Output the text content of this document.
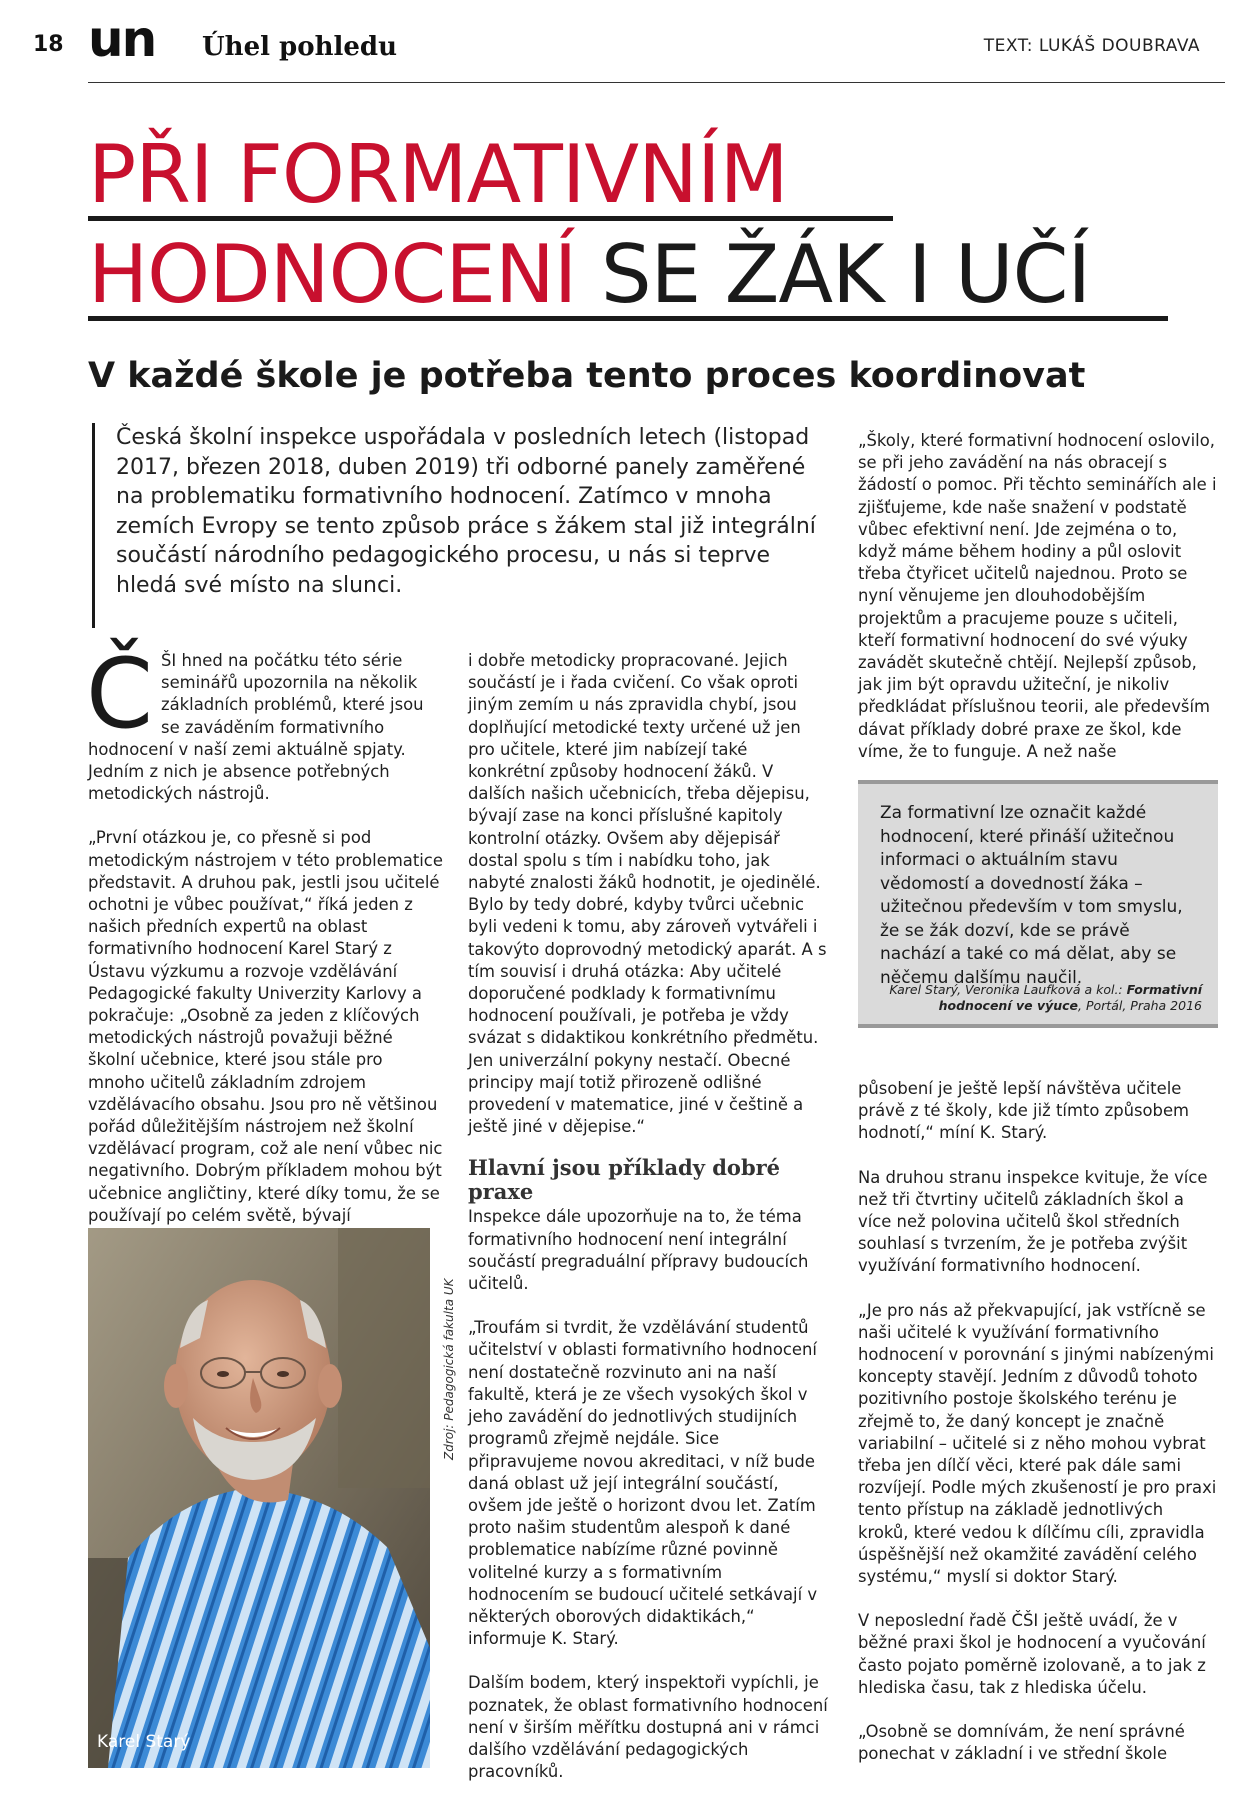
18 un Úhel pohledu	TEXT: LUKÁŠ DOUBRAVA
PŘI FORMATIVNÍM
HODNOCENÍ SE ŽÁK I UČÍ
V každé škole je potřeba tento proces koordinovat
Česká školní inspekce uspořádala v posledních letech (listopad 2017, březen 2018, duben 2019) tři odborné panely zaměřené na problematiku formativního hodnocení. Zatímco v mnoha zemích Evropy se tento způsob práce s žákem stal již integrální součástí národního pedagogického procesu, u nás si teprve hledá své místo na slunci.

ČŠI hned na počátku této série seminářů upozornila na několik základních problémů, které jsou se zaváděním formativního hodnocení v naší zemi aktuálně spjaty. Jedním z nich je absence potřebných metodických nástrojů.

„První otázkou je, co přesně si pod metodickým nástrojem v této problematice představit. A druhou pak, jestli jsou učitelé ochotni je vůbec používat,“ říká jeden z našich předních expertů na oblast formativního hodnocení Karel Starý z Ústavu výzkumu a rozvoje vzdělávání Pedagogické fakulty Univerzity Karlovy a pokračuje: „Osobně za jeden z klíčových metodických nástrojů považuji běžné školní učebnice, které jsou stále pro mnoho učitelů základním zdrojem vzdělávacího obsahu. Jsou pro ně většinou pořád důležitějším nástrojem než školní vzdělávací program, což ale není vůbec nic negativního. Dobrým příkladem mohou být učebnice angličtiny, které díky tomu, že se používají po celém světě, bývají

i dobře metodicky propracované. Jejich součástí je i řada cvičení. Co však oproti jiným zemím u nás zpravidla chybí, jsou doplňující metodické texty určené už jen pro učitele, které jim nabízejí také konkrétní způsoby hodnocení žáků. V dalších našich učebnicích, třeba dějepisu, bývají zase na konci příslušné kapitoly kontrolní otázky. Ovšem aby dějepisář dostal spolu s tím i nabídku toho, jak nabyté znalosti žáků hodnotit, je ojedinělé. Bylo by tedy dobré, kdyby tvůrci učebnic byli vedeni k tomu, aby zároveň vytvářeli i takovýto doprovodný metodický aparát. A s tím souvisí i druhá otázka: Aby učitelé doporučené podklady k formativnímu hodnocení používali, je potřeba je vždy svázat s didaktikou konkrétního předmětu. Jen univerzální pokyny nestačí. Obecné principy mají totiž přirozeně odlišné provedení v matematice, jiné v češtině a ještě jiné v dějepise.“

Hlavní jsou příklady dobré praxe

Inspekce dále upozorňuje na to, že téma formativního hodnocení není integrální součástí pregraduální přípravy budoucích učitelů.

„Troufám si tvrdit, že vzdělávání studentů učitelství v oblasti formativního hodnocení není dostatečně rozvinuto ani na naší fakultě, která je ze všech vysokých škol v jeho zavádění do jednotlivých studijních programů zřejmě nejdále. Sice připravujeme novou akreditaci, v níž bude daná oblast už její integrální součástí, ovšem jde ještě o horizont dvou let. Zatím proto našim studentům alespoň k dané problematice nabízíme různé povinně volitelné kurzy a s formativním hodnocením se budoucí učitelé setkávají v některých oborových didaktikách,“ informuje K. Starý.

Dalším bodem, který inspektoři vypíchli, je poznatek, že oblast formativního hodnocení není v širším měřítku dostupná ani v rámci dalšího vzdělávání pedagogických pracovníků.

„Školy, které formativní hodnocení oslovilo, se při jeho zavádění na nás obracejí s žádostí o pomoc. Při těchto seminářích ale i zjišťujeme, kde naše snažení v podstatě vůbec efektivní není. Jde zejména o to, když máme během hodiny a půl oslovit třeba čtyřicet učitelů najednou. Proto se nyní věnujeme jen dlouhodobějším projektům a pracujeme pouze s učiteli, kteří formativní hodnocení do své výuky zavádět skutečně chtějí. Nejlepší způsob, jak jim být opravdu užiteční, je nikoliv předkládat příslušnou teorii, ale především dávat příklady dobré praxe ze škol, kde víme, že to funguje. A než naše

působení je ještě lepší návštěva učitele právě z té školy, kde již tímto způsobem hodnotí,“ míní K. Starý.

Na druhou stranu inspekce kvituje, že více než tři čtvrtiny učitelů základních škol a více než polovina učitelů škol středních souhlasí s tvrzením, že je potřeba zvýšit využívání formativního hodnocení.

„Je pro nás až překvapující, jak vstřícně se naši učitelé k využívání formativního hodnocení v porovnání s jinými nabízenými koncepty stavějí. Jedním z důvodů tohoto pozitivního postoje školského terénu je zřejmě to, že daný koncept je značně variabilní – učitelé si z něho mohou vybrat třeba jen dílčí věci, které pak dále sami rozvíjejí. Podle mých zkušeností je pro praxi tento přístup na základě jednotlivých kroků, které vedou k dílčímu cíli, zpravidla úspěšnější než okamžité zavádění celého systému,“ myslí si doktor Starý.

V neposlední řadě ČŠI ještě uvádí, že v běžné praxi škol je hodnocení a vyučování často pojato poměrně izolovaně, a to jak z hlediska času, tak z hlediska účelu.

„Osobně se domnívám, že není správné ponechat v základní i ve střední škole

Za formativní lze označit každé hodnocení, které přináší užitečnou informaci o aktuálním stavu vědomostí a dovedností žáka – užitečnou především v tom smyslu, že se žák dozví, kde se právě nachází a také co má dělat, aby se něčemu dalšímu naučil.
Karel Starý, Veronika Laufková a kol.: Formativní hodnocení ve výuce, Portál, Praha 2016
Karel Starý
Zdroj: Pedagogická fakulta UK
